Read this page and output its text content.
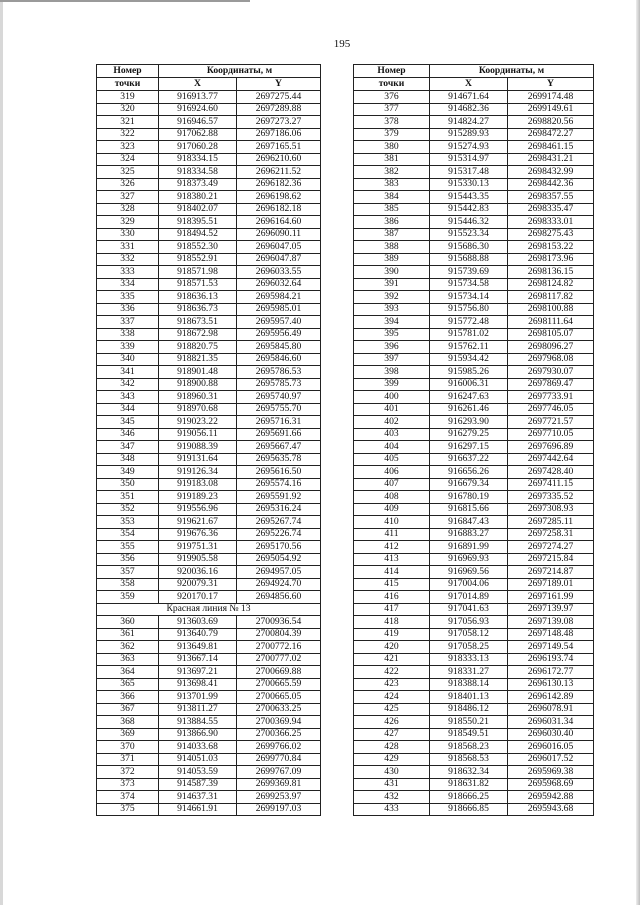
195
Номер	Координаты, м	
точки	X	Y
319	916913.77	2697275.44
320	916924.60	2697289.88
321	916946.57	2697273.27
322	917062.88	2697186.06
323	917060.28	2697165.51
324	918334.15	2696210.60
325	918334.58	2696211.52
326	918373.49	2696182.36
327	918380.21	2696198.62
328	918402.07	2696182.18
329	918395.51	2696164.60
330	918494.52	2696090.11
331	918552.30	2696047.05
332	918552.91	2696047.87
333	918571.98	2696033.55
334	918571.53	2696032.64
335	918636.13	2695984.21
336	918636.73	2695985.01
337	918673.51	2695957.40
338	918672.98	2695956.49
339	918820.75	2695845.80
340	918821.35	2695846.60
341	918901.48	2695786.53
342	918900.88	2695785.73
343	918960.31	2695740.97
344	918970.68	2695755.70
345	919023.22	2695716.31
346	919056.11	2695691.66
347	919088.39	2695667.47
348	919131.64	2695635.78
349	919126.34	2695616.50
350	919183.08	2695574.16
351	919189.23	2695591.92
352	919556.96	2695316.24
353	919621.67	2695267.74
354	919676.36	2695226.74
355	919751.31	2695170.56
356	919905.58	2695054.92
357	920036.16	2694957.05
358	920079.31	2694924.70
359	920170.17	2694856.60
Красная линия № 13		
360	913603.69	2700936.54
361	913640.79	2700804.39
362	913649.81	2700772.16
363	913667.14	2700777.02
364	913697.21	2700669.88
365	913698.41	2700665.59
366	913701.99	2700665.05
367	913811.27	2700633.25
368	913884.55	2700369.94
369	913866.90	2700366.25
370	914033.68	2699766.02
371	914051.03	2699770.84
372	914053.59	2699767.09
373	914587.39	2699369.81
374	914637.31	2699253.97
375	914661.91	2699197.03
Номер	Координаты, м	
точки	X	Y
376	914671.64	2699174.48
377	914682.36	2699149.61
378	914824.27	2698820.56
379	915289.93	2698472.27
380	915274.93	2698461.15
381	915314.97	2698431.21
382	915317.48	2698432.99
383	915330.13	2698442.36
384	915443.35	2698357.55
385	915442.83	2698335.47
386	915446.32	2698333.01
387	915523.34	2698275.43
388	915686.30	2698153.22
389	915688.88	2698173.96
390	915739.69	2698136.15
391	915734.58	2698124.82
392	915734.14	2698117.82
393	915756.80	2698100.88
394	915772.48	2698111.64
395	915781.02	2698105.07
396	915762.11	2698096.27
397	915934.42	2697968.08
398	915985.26	2697930.07
399	916006.31	2697869.47
400	916247.63	2697733.91
401	916261.46	2697746.05
402	916293.90	2697721.57
403	916279.25	2697710.05
404	916297.15	2697696.89
405	916637.22	2697442.64
406	916656.26	2697428.40
407	916679.34	2697411.15
408	916780.19	2697335.52
409	916815.66	2697308.93
410	916847.43	2697285.11
411	916883.27	2697258.31
412	916891.99	2697274.27
413	916969.93	2697215.84
414	916969.56	2697214.87
415	917004.06	2697189.01
416	917014.89	2697161.99
417	917041.63	2697139.97
418	917056.93	2697139.08
419	917058.12	2697148.48
420	917058.25	2697149.54
421	918333.13	2696193.74
422	918331.27	2696172.77
423	918388.14	2696130.13
424	918401.13	2696142.89
425	918486.12	2696078.91
426	918550.21	2696031.34
427	918549.51	2696030.40
428	918568.23	2696016.05
429	918568.53	2696017.52
430	918632.34	2695969.38
431	918631.82	2695968.69
432	918666.25	2695942.88
433	918666.85	2695943.68
